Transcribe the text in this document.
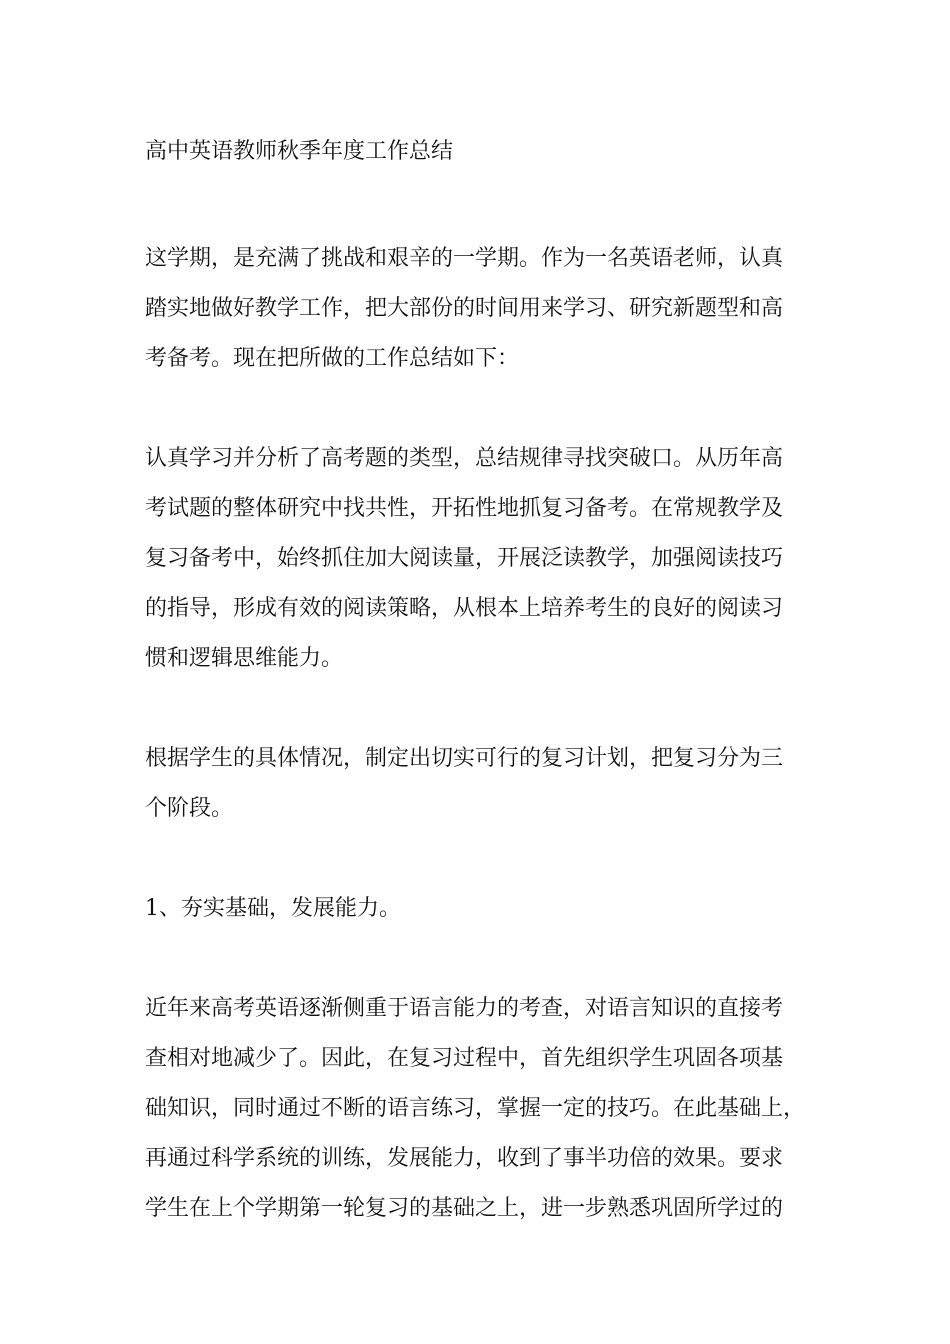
高中英语教师秋季年度工作总结
这学期，是充满了挑战和艰辛的一学期。作为一名英语老师，认真
踏实地做好教学工作，把大部份的时间用来学习、研究新题型和高
考备考。现在把所做的工作总结如下：
认真学习并分析了高考题的类型，总结规律寻找突破口。从历年高
考试题的整体研究中找共性，开拓性地抓复习备考。在常规教学及
复习备考中，始终抓住加大阅读量，开展泛读教学，加强阅读技巧
的指导，形成有效的阅读策略，从根本上培养考生的良好的阅读习
惯和逻辑思维能力。
根据学生的具体情况，制定出切实可行的复习计划，把复习分为三
个阶段。
1、夯实基础，发展能力。
近年来高考英语逐渐侧重于语言能力的考查，对语言知识的直接考
查相对地减少了。因此，在复习过程中，首先组织学生巩固各项基
础知识，同时通过不断的语言练习，掌握一定的技巧。在此基础上，
再通过科学系统的训练，发展能力，收到了事半功倍的效果。要求
学生在上个学期第一轮复习的基础之上，进一步熟悉巩固所学过的
